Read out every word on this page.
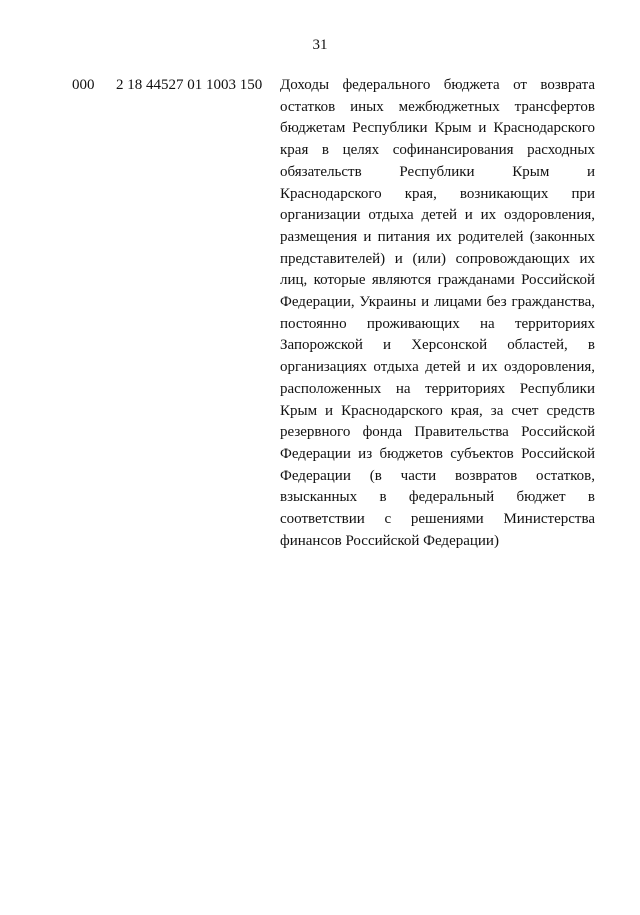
31
000 2 18 44527 01 1003 150 Доходы федерального бюджета от возврата остатков иных межбюджетных трансфертов бюджетам Республики Крым и Краснодарского края в целях софинансирования расходных обязательств Республики Крым и Краснодарского края, возникающих при организации отдыха детей и их оздоровления, размещения и питания их родителей (законных представителей) и (или) сопровождающих их лиц, которые являются гражданами Российской Федерации, Украины и лицами без гражданства, постоянно проживающих на территориях Запорожской и Херсонской областей, в организациях отдыха детей и их оздоровления, расположенных на территориях Республики Крым и Краснодарского края, за счет средств резервного фонда Правительства Российской Федерации из бюджетов субъектов Российской Федерации (в части возвратов остатков, взысканных в федеральный бюджет в соответствии с решениями Министерства финансов Российской Федерации)
